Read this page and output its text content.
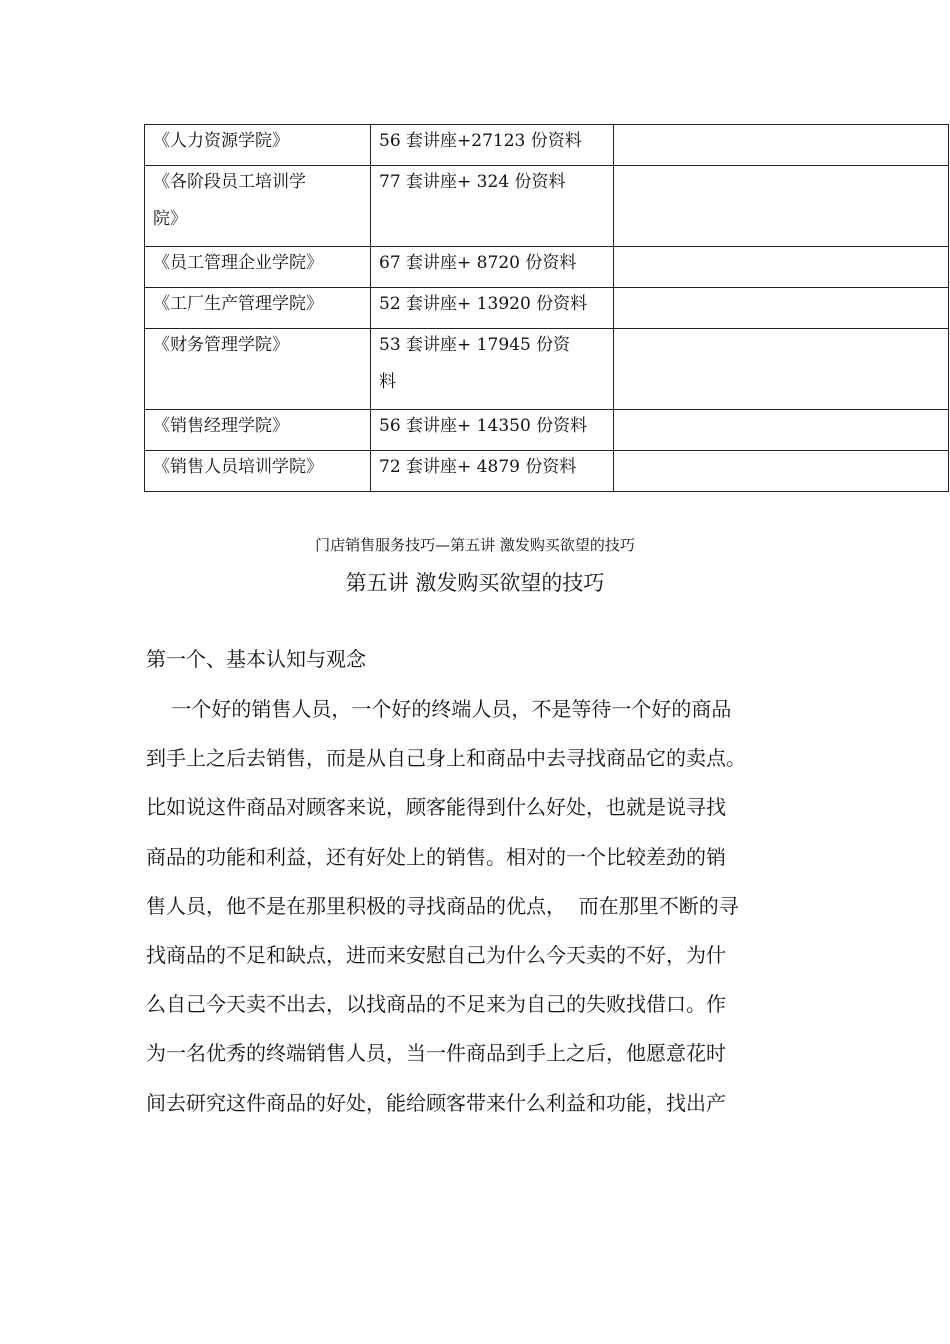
《人力资源学院》	56 套讲座+27123 份资料	

《各阶段员工培训学
院》	77 套讲座+ 324 份资料	

《员工管理企业学院》	67 套讲座+ 8720 份资料	

《工厂生产管理学院》	52 套讲座+ 13920 份资料	

《财务管理学院》	53 套讲座+ 17945 份资
料	

《销售经理学院》	56 套讲座+ 14350 份资料	

《销售人员培训学院》	72 套讲座+ 4879 份资料	

门店销售服务技巧—第五讲 激发购买欲望的技巧
第五讲 激发购买欲望的技巧
第一个、基本认知与观念
一个好的销售人员，一个好的终端人员，不是等待一个好的商品
到手上之后去销售，而是从自己身上和商品中去寻找商品它的卖点。
比如说这件商品对顾客来说，顾客能得到什么好处，也就是说寻找
商品的功能和利益，还有好处上的销售。相对的一个比较差劲的销
售人员，他不是在那里积极的寻找商品的优点，  而在那里不断的寻
找商品的不足和缺点，进而来安慰自己为什么今天卖的不好，为什
么自己今天卖不出去，以找商品的不足来为自己的失败找借口。作
为一名优秀的终端销售人员，当一件商品到手上之后，他愿意花时
间去研究这件商品的好处，能给顾客带来什么利益和功能，找出产
